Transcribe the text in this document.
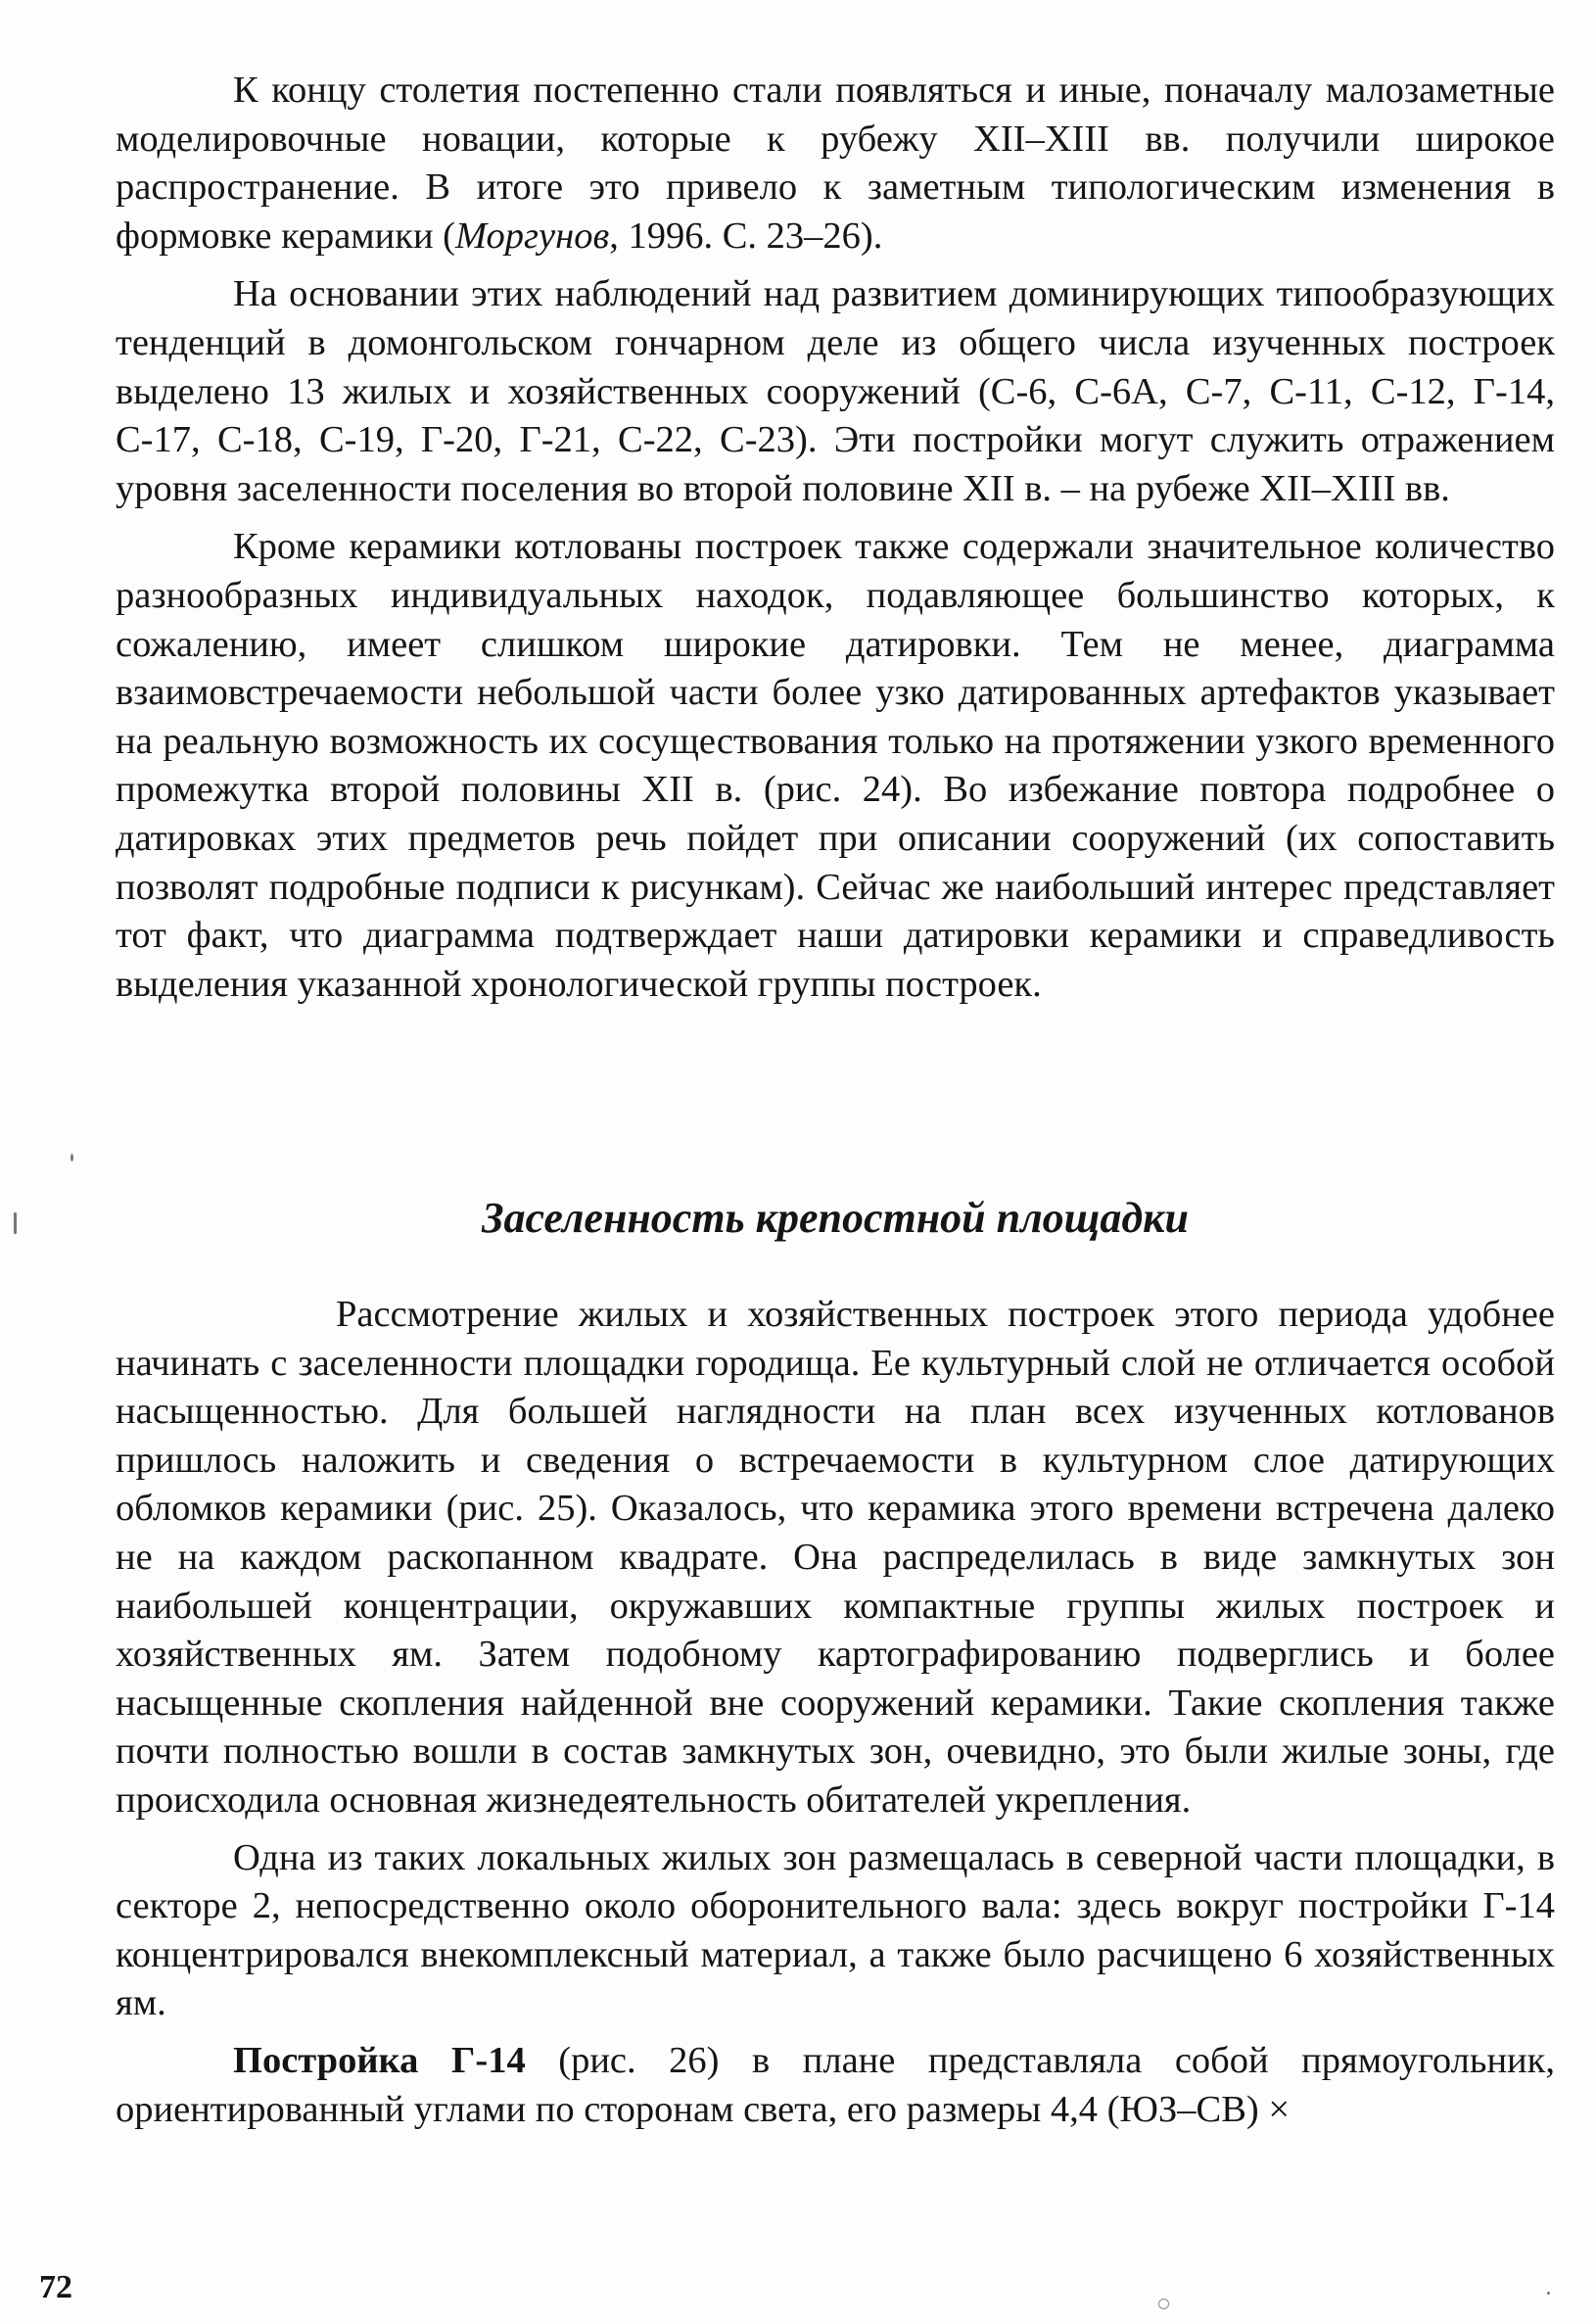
К концу столетия постепенно стали появляться и иные, поначалу малозаметные моделировочные новации, которые к рубежу XII–XIII вв. получили широкое распространение. В итоге это привело к заметным типологическим изменения в формовке керамики (Моргунов, 1996. С. 23–26).

На основании этих наблюдений над развитием доминирующих типообразующих тенденций в домонгольском гончарном деле из общего числа изученных построек выделено 13 жилых и хозяйственных сооружений (С-6, С-6А, С-7, С-11, С-12, Г-14, С-17, С-18, С-19, Г-20, Г-21, С-22, С-23). Эти постройки могут служить отражением уровня заселенности поселения во второй половине XII в. – на рубеже XII–XIII вв.

Кроме керамики котлованы построек также содержали значительное количество разнообразных индивидуальных находок, подавляющее большинство которых, к сожалению, имеет слишком широкие датировки. Тем не менее, диаграмма взаимовстречаемости небольшой части более узко датированных артефактов указывает на реальную возможность их сосуществования только на протяжении узкого временного промежутка второй половины XII в. (рис. 24). Во избежание повтора подробнее о датировках этих предметов речь пойдет при описании сооружений (их сопоставить позволят подробные подписи к рисункам). Сейчас же наибольший интерес представляет тот факт, что диаграмма подтверждает наши датировки керамики и справедливость выделения указанной хронологической группы построек.

Заселенность крепостной площадки

Рассмотрение жилых и хозяйственных построек этого периода удобнее начинать с заселенности площадки городища. Ее культурный слой не отличается особой насыщенностью. Для большей наглядности на план всех изученных котлованов пришлось наложить и сведения о встречаемости в культурном слое датирующих обломков керамики (рис. 25). Оказалось, что керамика этого времени встречена далеко не на каждом раскопанном квадрате. Она распределилась в виде замкнутых зон наибольшей концентрации, окружавших компактные группы жилых построек и хозяйственных ям. Затем подобному картографированию подверглись и более насыщенные скопления найденной вне сооружений керамики. Такие скопления также почти полностью вошли в состав замкнутых зон, очевидно, это были жилые зоны, где происходила основная жизнедеятельность обитателей укрепления.

Одна из таких локальных жилых зон размещалась в северной части площадки, в секторе 2, непосредственно около оборонительного вала: здесь вокруг постройки Г-14 концентрировался внекомплексный материал, а также было расчищено 6 хозяйственных ям.

Постройка Г-14 (рис. 26) в плане представляла собой прямоугольник, ориентированный углами по сторонам света, его размеры 4,4 (ЮЗ–СВ) ×

72
